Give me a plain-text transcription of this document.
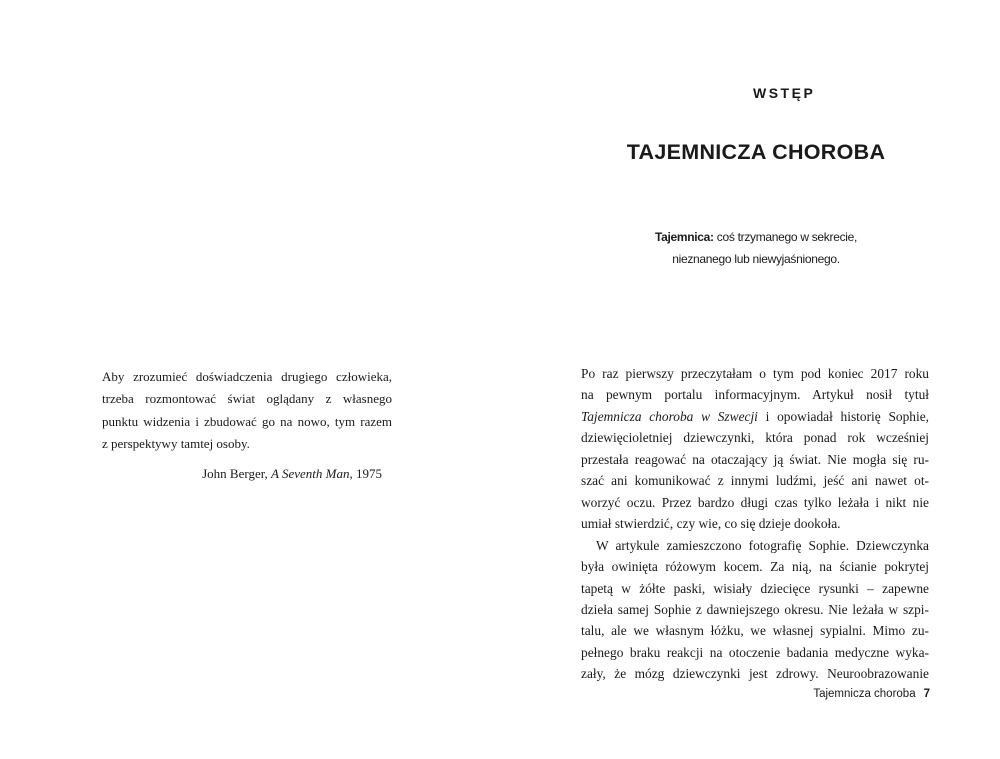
Aby zrozumieć doświadczenia drugiego człowieka,
trzeba rozmontować świat oglądany z własnego
punktu widzenia i zbudować go na nowo, tym razem
z perspektywy tamtej osoby.
John Berger, A Seventh Man, 1975
WSTĘP
TAJEMNICZA CHOROBA
Tajemnica: coś trzymanego w sekrecie,
nieznanego lub niewyjaśnionego.
Po raz pierwszy przeczytałam o tym pod koniec 2017 roku
na pewnym portalu informacyjnym. Artykuł nosił tytuł
Tajemnicza choroba w Szwecji i opowiadał historię Sophie,
dziewięcioletniej dziewczynki, która ponad rok wcześniej
przestała reagować na otaczający ją świat. Nie mogła się ru-
szać ani komunikować z innymi ludźmi, jeść ani nawet ot-
worzyć oczu. Przez bardzo długi czas tylko leżała i nikt nie
umiał stwierdzić, czy wie, co się dzieje dookoła.
W artykule zamieszczono fotografię Sophie. Dziewczynka
była owinięta różowym kocem. Za nią, na ścianie pokrytej
tapetą w żółte paski, wisiały dziecięce rysunki – zapewne
dzieła samej Sophie z dawniejszego okresu. Nie leżała w szpi-
talu, ale we własnym łóżku, we własnej sypialni. Mimo zu-
pełnego braku reakcji na otoczenie badania medyczne wyka-
zały, że mózg dziewczynki jest zdrowy. Neuroobrazowanie
Tajemnicza choroba 7
